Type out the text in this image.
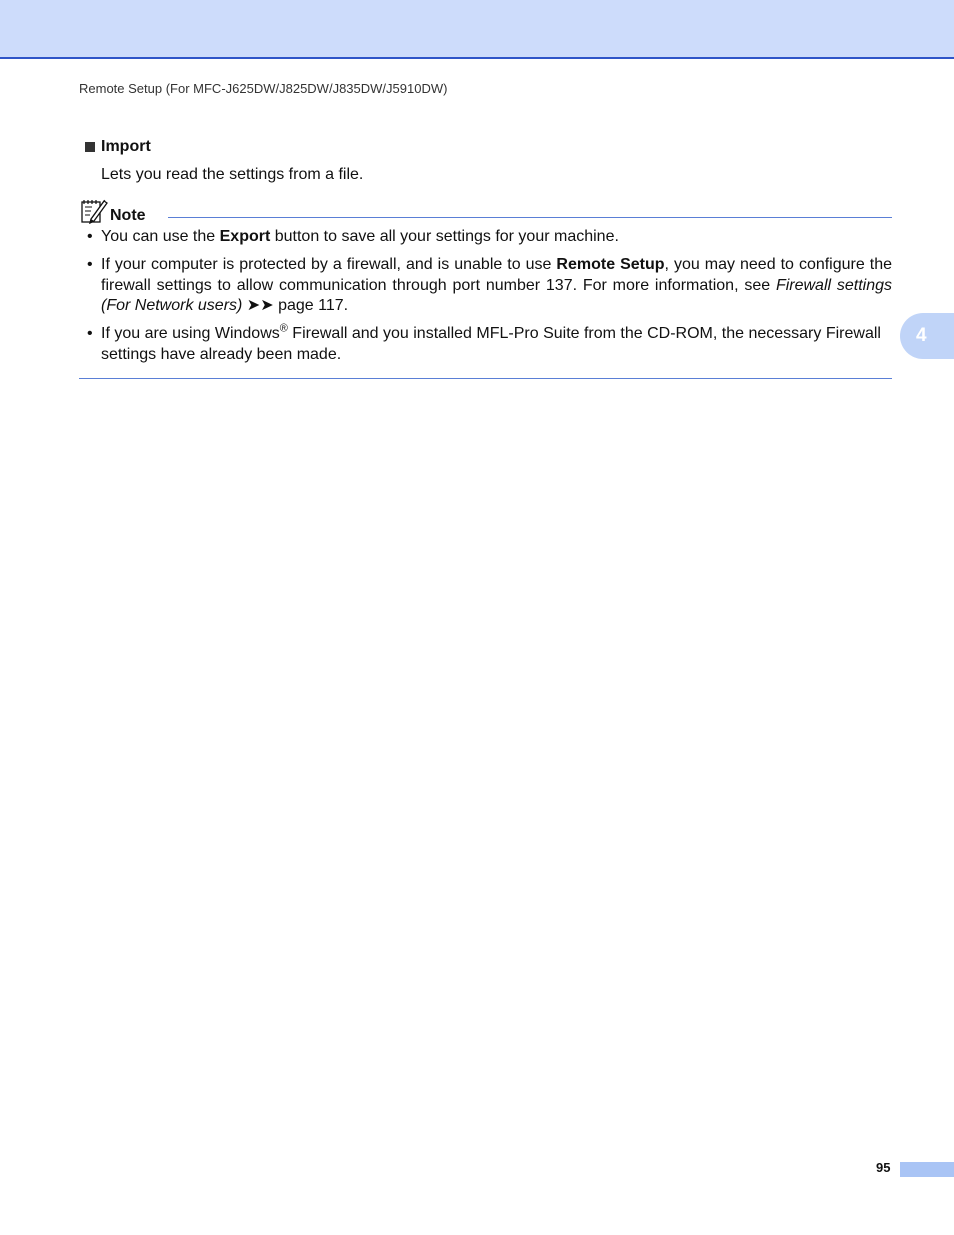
Remote Setup (For MFC-J625DW/J825DW/J835DW/J5910DW)
Import
Lets you read the settings from a file.
Note
• You can use the Export button to save all your settings for your machine.
• If your computer is protected by a firewall, and is unable to use Remote Setup, you may need to configure the firewall settings to allow communication through port number 137. For more information, see Firewall settings (For Network users) ➤➤ page 117.
• If you are using Windows® Firewall and you installed MFL-Pro Suite from the CD-ROM, the necessary Firewall settings have already been made.
4
95
